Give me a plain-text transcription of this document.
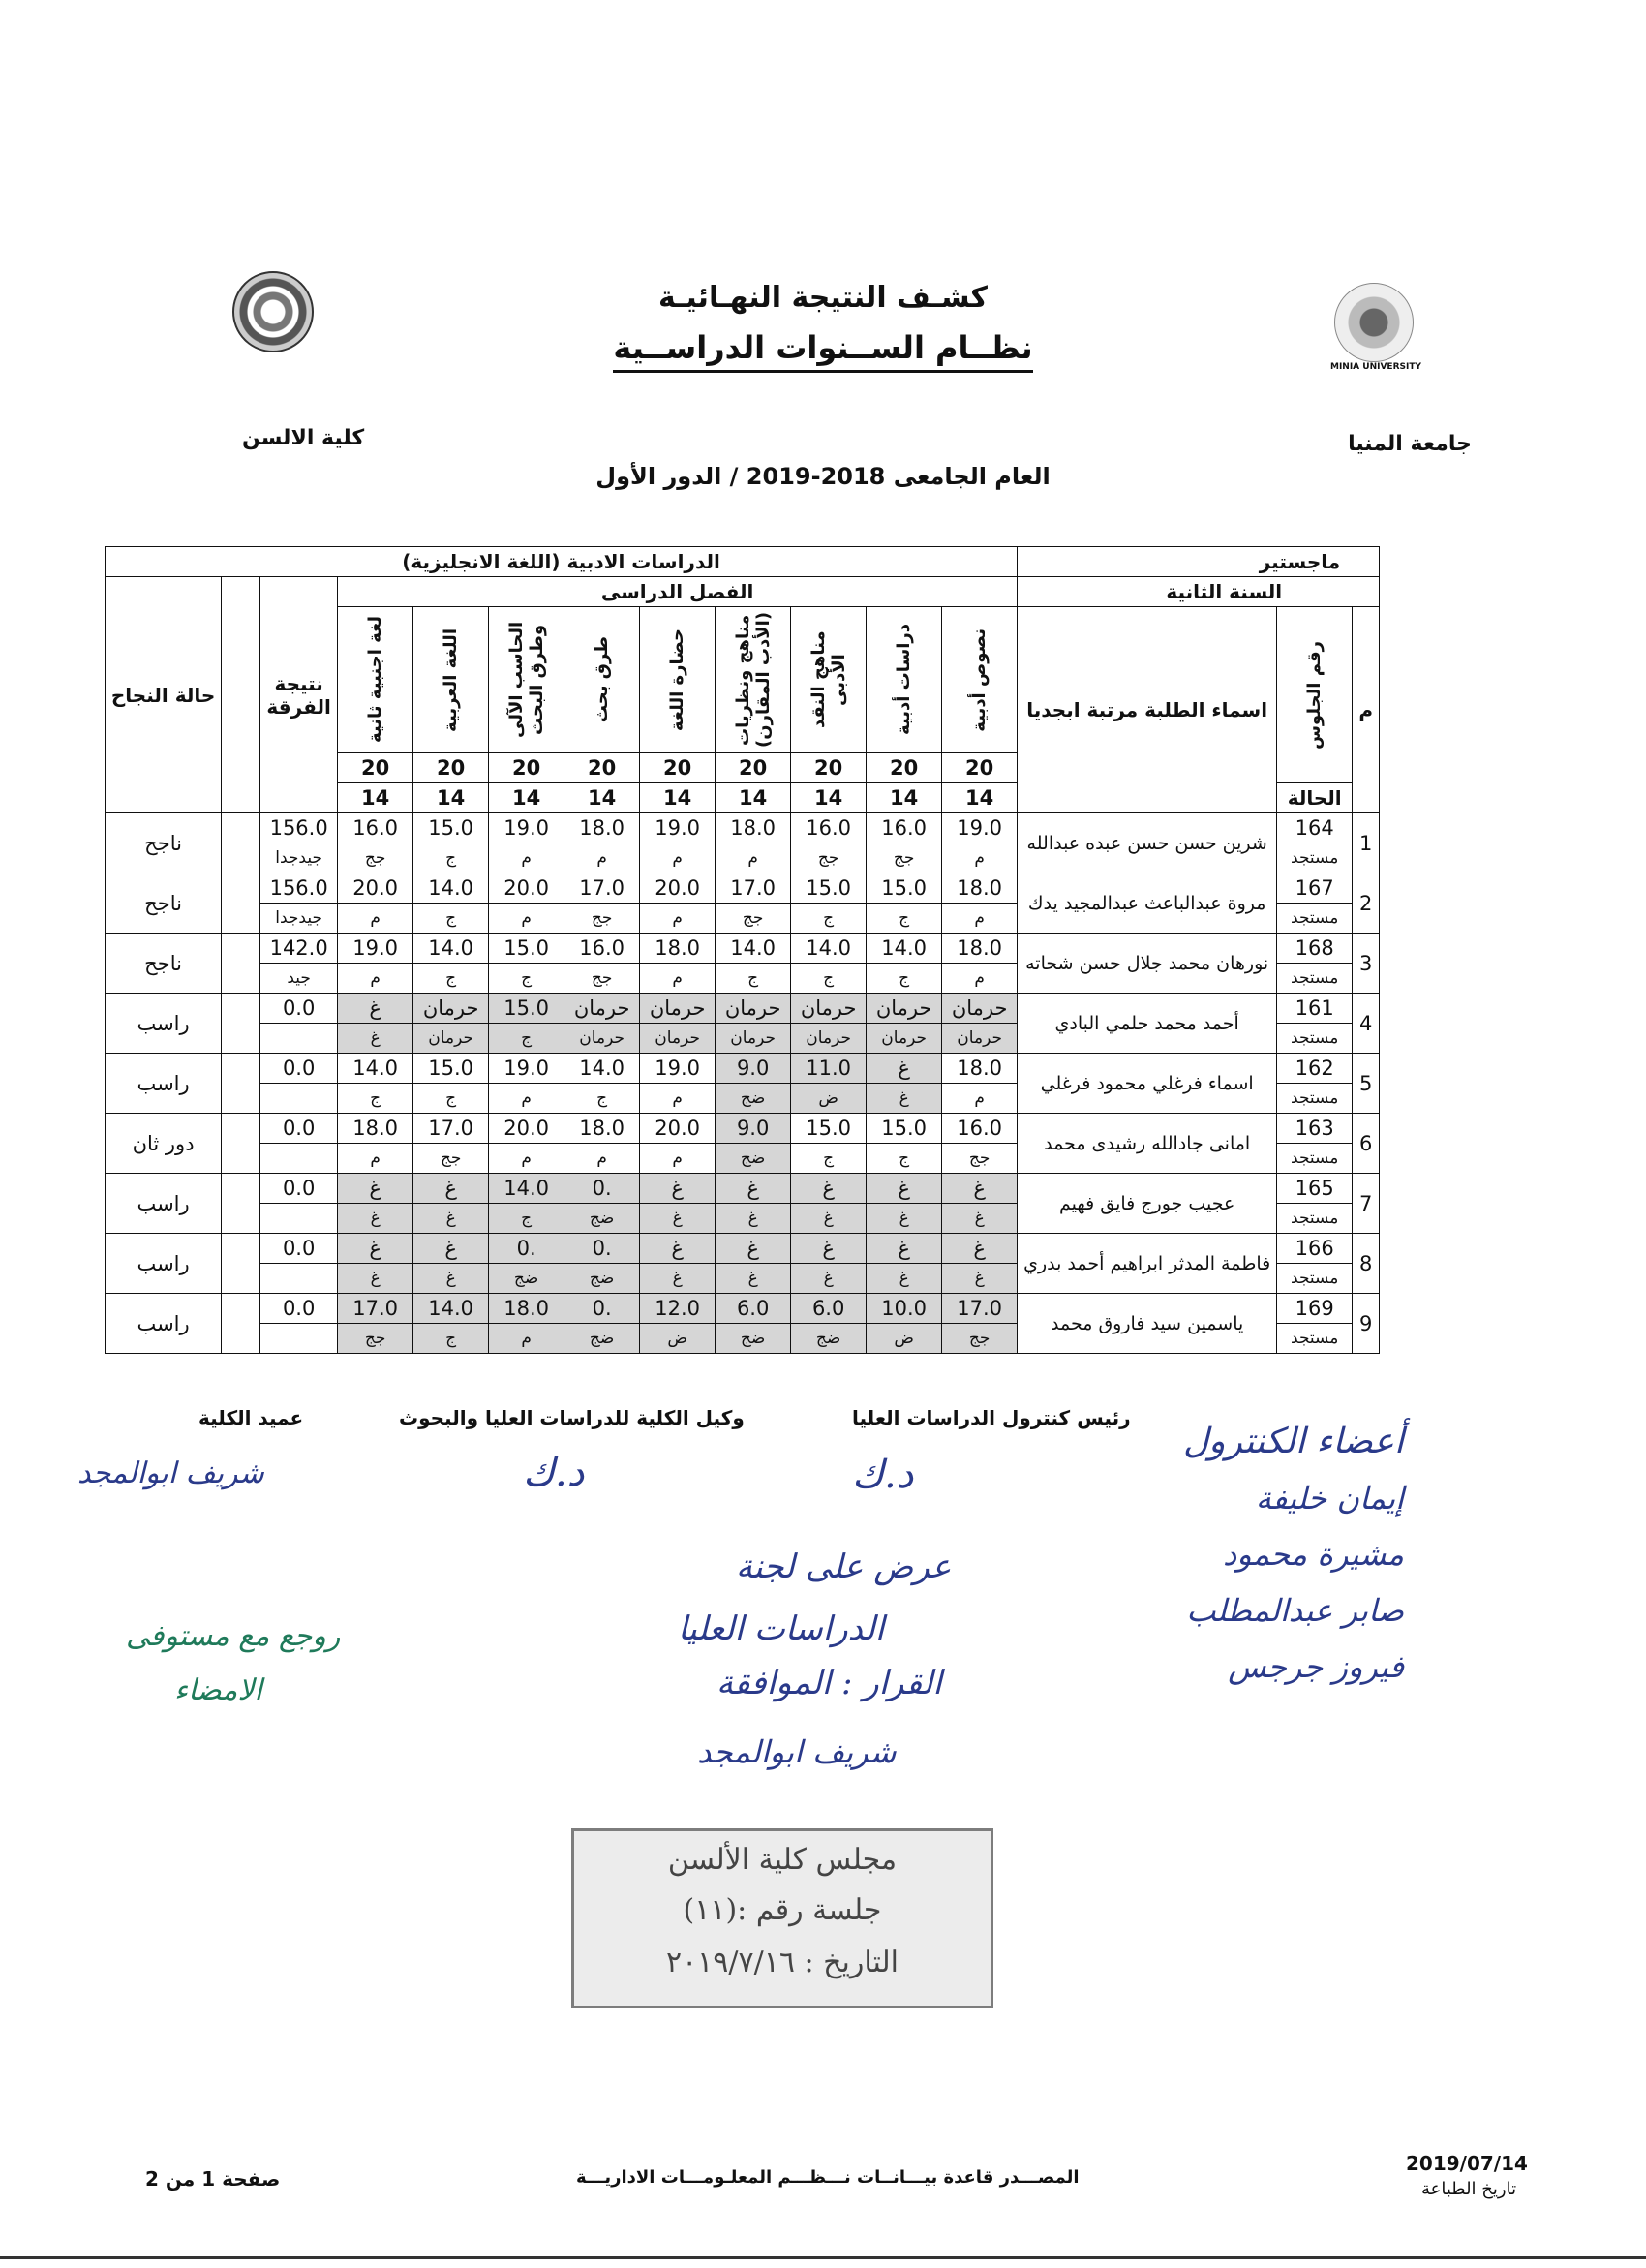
MINIA UNIVERSITY
كشـف النتيجة النهـائيـة
نظــام الســنوات الدراســية
جامعة المنيا
كلية الالسن
العام الجامعى 2018-2019 / الدور الأول
ماجستير			الدراسات الادبية (اللغة الانجليزية)											
السنة الثانية			الفصل الدراسى									نتيجة الفرقة		حالة النجاح
م	رقم الجلوس	اسماء الطلبة مرتبة ابجديا	نصوص أدبية	دراسات أدبية	مناهج النقد الأدبى	مناهج ونظريات (الأدب المقارن)	حضارة اللغة	طرق بحث	الحاسب الآلى وطرق البحث	اللغة العربية	لغة اجنبية ثانية			

			20	20	20	20	20	20	20	20	20			
	الحالة		14	14	14	14	14	14	14	14	14			
1	164	شرين حسن حسن عبده عبدالله	19.0	16.0	16.0	18.0	19.0	18.0	19.0	15.0	16.0	156.0		ناجح
	مستجد		م	جج	جج	م	م	م	م	ج	جج	جيدجدا		
2	167	مروة عبدالباعث عبدالمجيد يدك	18.0	15.0	15.0	17.0	20.0	17.0	20.0	14.0	20.0	156.0		ناجح
	مستجد		م	ج	ج	جج	م	جج	م	ج	م	جيدجدا		
3	168	نورهان محمد جلال حسن شحاته	18.0	14.0	14.0	14.0	18.0	16.0	15.0	14.0	19.0	142.0		ناجح
	مستجد		م	ج	ج	ج	م	جج	ج	ج	م	جيد		
4	161	أحمد محمد حلمي البادي	حرمان	حرمان	حرمان	حرمان	حرمان	حرمان	15.0	حرمان	غ	0.0		راسب
	مستجد		حرمان	حرمان	حرمان	حرمان	حرمان	حرمان	ج	حرمان	غ			
5	162	اسماء فرغلي محمود فرغلي	18.0	غ	11.0	9.0	19.0	14.0	19.0	15.0	14.0	0.0		راسب
	مستجد		م	غ	ض	ضج	م	ج	م	ج	ج			
6	163	امانى جادالله رشيدى محمد	16.0	15.0	15.0	9.0	20.0	18.0	20.0	17.0	18.0	0.0		دور ثان
	مستجد		جج	ج	ج	ضج	م	م	م	جج	م			
7	165	عجيب جورج فايق فهيم	غ	غ	غ	غ	غ	.0	14.0	غ	غ	0.0		راسب
	مستجد		غ	غ	غ	غ	غ	ضج	ج	غ	غ			
8	166	فاطمة المدثر ابراهيم أحمد بدري	غ	غ	غ	غ	غ	.0	.0	غ	غ	0.0		راسب
	مستجد		غ	غ	غ	غ	غ	ضج	ضج	غ	غ			
9	169	ياسمين سيد فاروق محمد	17.0	10.0	6.0	6.0	12.0	.0	18.0	14.0	17.0	0.0		راسب
	مستجد		جج	ض	ضج	ضج	ض	ضج	م	ج	جج			
رئيس كنترول الدراسات العليا
وكيل الكلية للدراسات العليا والبحوث
عميد الكلية
أعضاء الكنترول
إيمان خليفة
مشيرة محمود
صابر عبدالمطلب
فيروز جرجس
د.ك
د.ك
شريف ابوالمجد
روجع مع مستوفى
الامضاء
عرض على لجنة
الدراسات العليا
القرار : الموافقة
شريف ابوالمجد
مجلس كلية الألسن
جلسة رقم :(١١)
التاريخ : ٢٠١٩/٧/١٦
صفحة 1 من 2	المصـــدر قاعدة بيـــانــات نـــظـــم المعلـومـــات الاداريـــة
2019/07/14
تاريخ الطباعة
